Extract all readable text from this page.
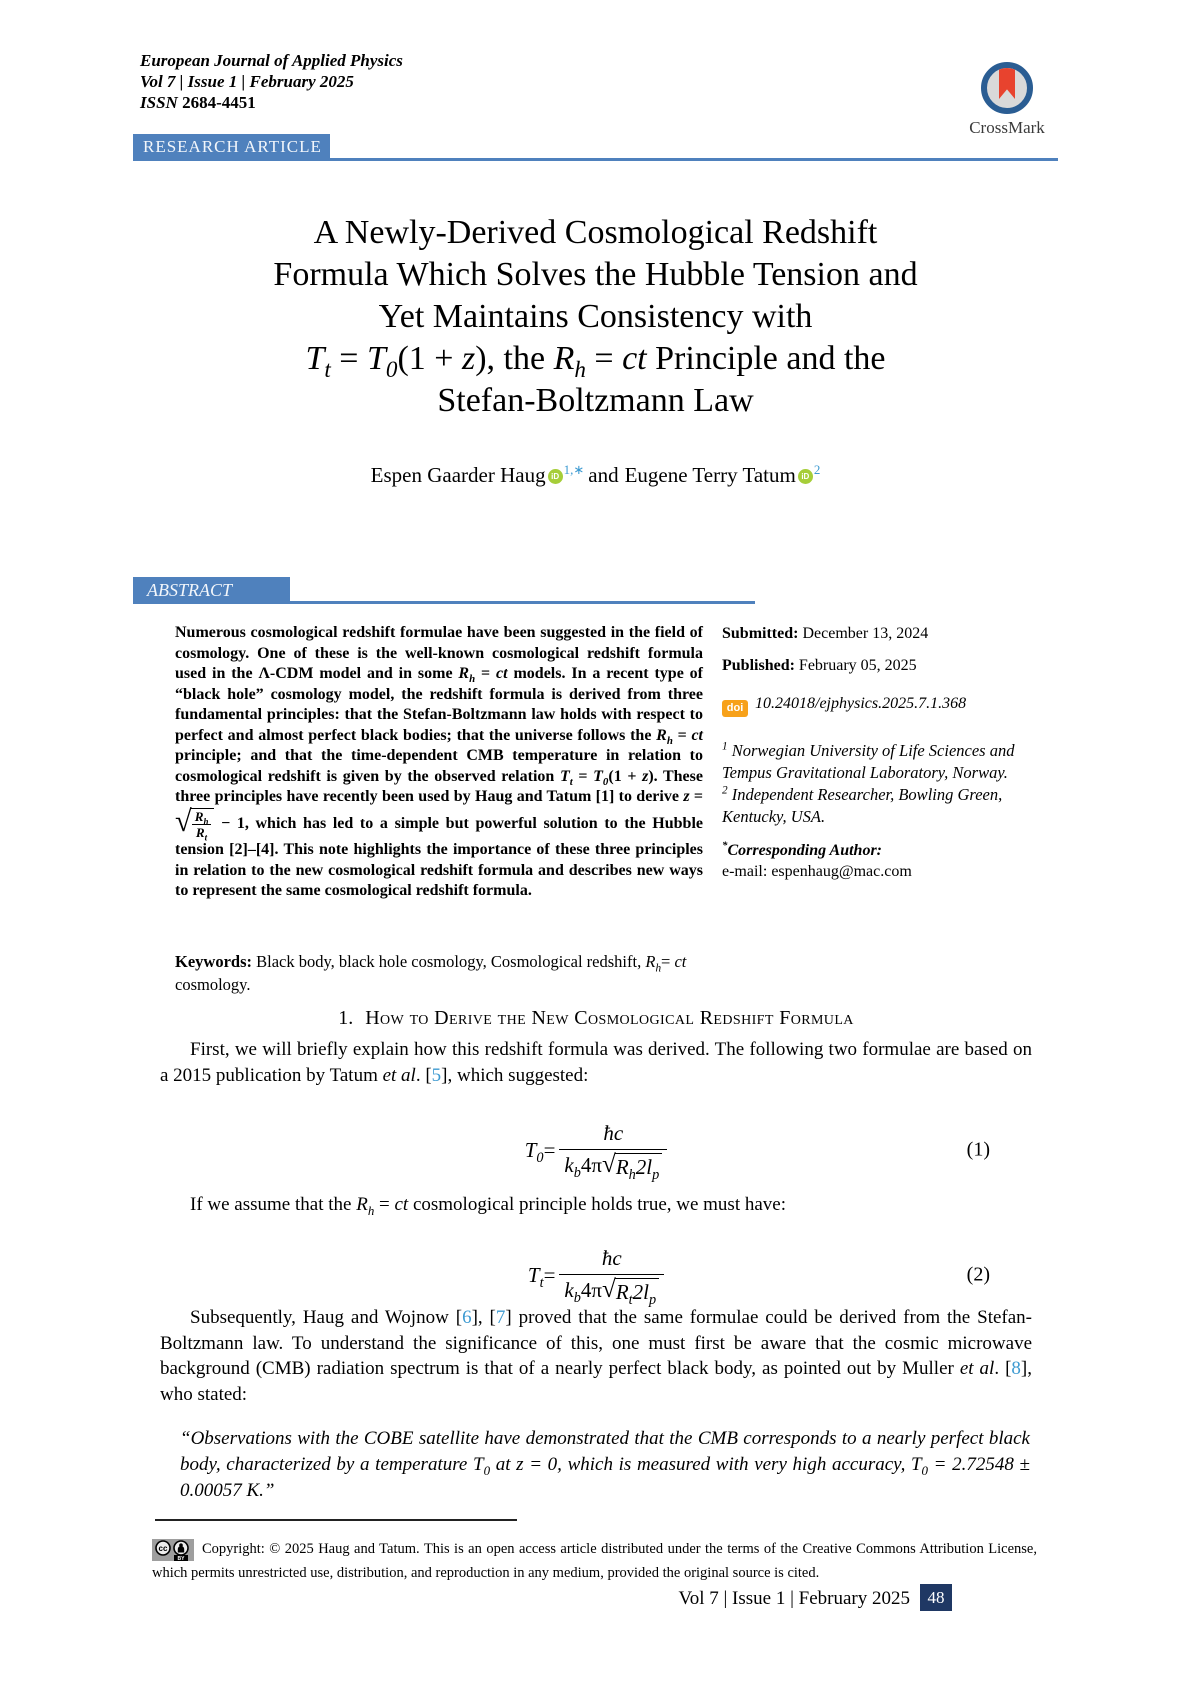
European Journal of Applied Physics
Vol 7 | Issue 1 | February 2025
ISSN 2684-4451
CrossMark
RESEARCH ARTICLE
A Newly-Derived Cosmological Redshift
Formula Which Solves the Hubble Tension and
Yet Maintains Consistency with
$T_t = T_0(1 + z)$, the $R_h$ = ct Principle and the
Stefan-Boltzmann Law
Espen Gaarder Haug iD $^{1,∗}$ and Eugene Terry Tatum iD $^2$
ABSTRACT
Numerous cosmological redshift formulae have been suggested in the field of cosmology. One of these is the well-known cosmological redshift formula used in the Λ-CDM model and in some $R_h$ = ct models. In a recent type of “black hole” cosmology model, the redshift formula is derived from three fundamental principles: that the Stefan-Boltzmann law holds with respect to perfect and almost perfect black bodies; that the universe follows the $R_h$ = ct principle; and that the time-dependent CMB temperature in relation to cosmological redshift is given by the observed relation $T_t = T_0(1 + z)$. These three principles have recently been used by Haug and Tatum [1] to derive z =
√ $\frac{R_h}{R_t} - 1$, which has led to a simple but powerful solution to the Hubble tension [2]–[4]. This note highlights the importance of these three principles in relation to the new cosmological redshift formula and describes new ways to represent the same cosmological redshift formula.
Submitted: December 13, 2024
Published: February 05, 2025
doi 10.24018/ejphysics.2025.7.1.368
$^1$ Norwegian University of Life Sciences and Tempus Gravitational Laboratory, Norway.
$^2$ Independent Researcher, Bowling Green, Kentucky, USA.
*Corresponding Author:
e-mail: espenhaug@mac.com
Keywords: Black body, black hole cosmology, Cosmological redshift, $R_h=$ ct cosmology.
1. How to Derive the New Cosmological Redshift Formula
First, we will briefly explain how this redshift formula was derived. The following two formulae are based on a 2015 publication by Tatum et al. [5], which suggested:
$T_0 = \frac{ħc}{k_b 4\pi √ R_h2l_p}$	(1)
If we assume that the $R_h$ = ct cosmological principle holds true, we must have:
$T_t = \frac{ħc}{k_b 4\pi √ R_t2l_p}$	(2)
Subsequently, Haug and Wojnow [6], [7] proved that the same formulae could be derived from the Stefan-Boltzmann law. To understand the significance of this, one must first be aware that the cosmic microwave background (CMB) radiation spectrum is that of a nearly perfect black body, as pointed out by Muller et al. [8], who stated:
“Observations with the COBE satellite have demonstrated that the CMB corresponds to a nearly perfect black body, characterized by a temperature $T_0$ at z = 0, which is measured with very high accuracy, $T_0 = 2.72548 \pm 0.00057$ K.”
cc
BY
Copyright: © 2025 Haug and Tatum. This is an open access article distributed under the terms of the Creative Commons Attribution License, which permits unrestricted use, distribution, and reproduction in any medium, provided the original source is cited.
Vol 7 | Issue 1 | February 2025	48
